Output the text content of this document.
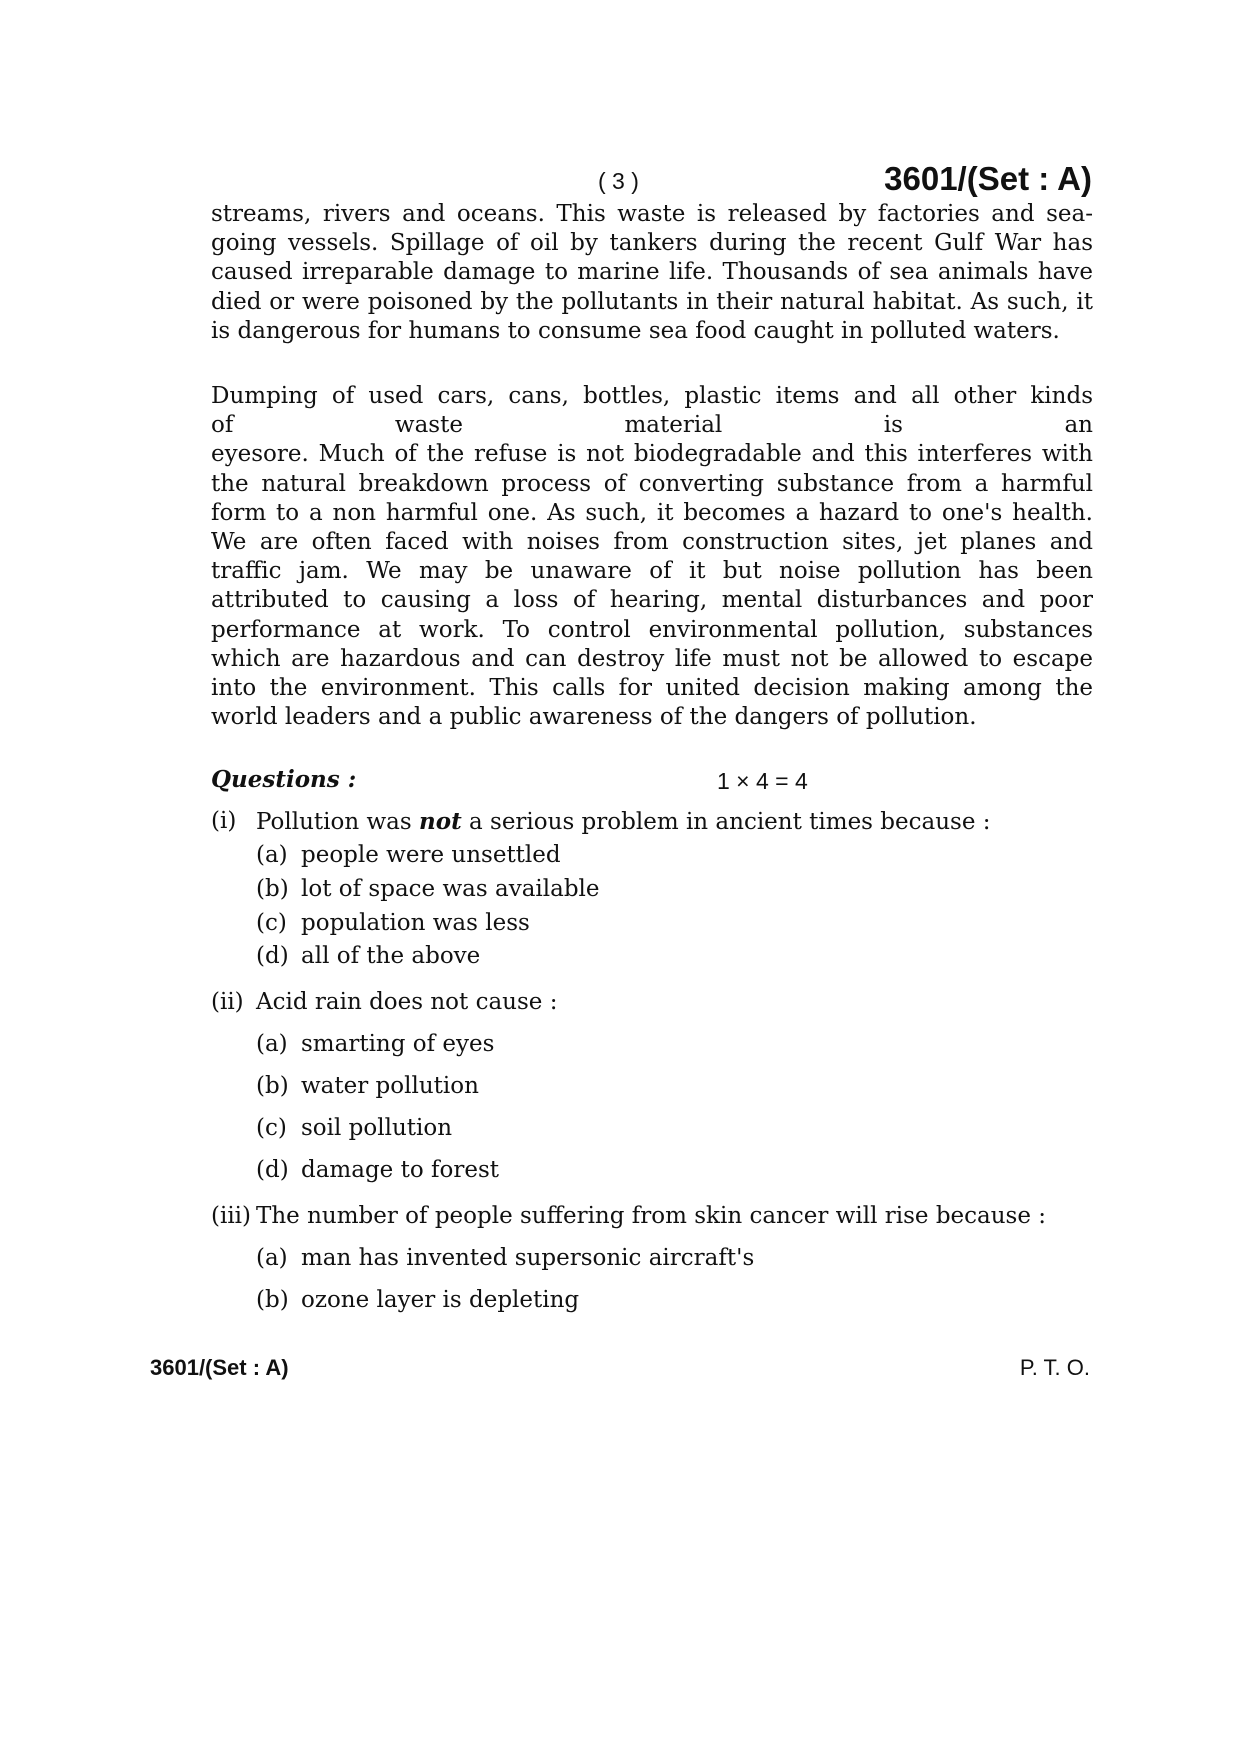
( 3 )	3601/(Set : A)
streams, rivers and oceans. This waste is released by factories and sea-going vessels. Spillage of oil by tankers during the recent Gulf War has caused irreparable damage to marine life. Thousands of sea animals have died or were poisoned by the pollutants in their natural habitat. As such, it is dangerous for humans to consume sea food caught in polluted waters.
Dumping of used cars, cans, bottles, plastic items and all other kinds
of waste material is an
eyesore. Much of the refuse is not biodegradable and this interferes with the natural breakdown process of converting substance from a harmful form to a non harmful one. As such, it becomes a hazard to one's health. We are often faced with noises from construction sites, jet planes and traffic jam. We may be unaware of it but noise pollution has been attributed to causing a loss of hearing, mental disturbances and poor performance at work. To control environmental pollution, substances which are hazardous and can destroy life must not be allowed to escape into the environment. This calls for united decision making among the world leaders and a public awareness of the dangers of pollution.
Questions :	1 × 4 = 4
(i) Pollution was not a serious problem in ancient times because :
(a) people were unsettled
(b) lot of space was available
(c) population was less
(d) all of the above
(ii) Acid rain does not cause :
(a) smarting of eyes
(b) water pollution
(c) soil pollution
(d) damage to forest
(iii) The number of people suffering from skin cancer will rise because :
(a) man has invented supersonic aircraft's
(b) ozone layer is depleting
3601/(Set : A)	P. T. O.
